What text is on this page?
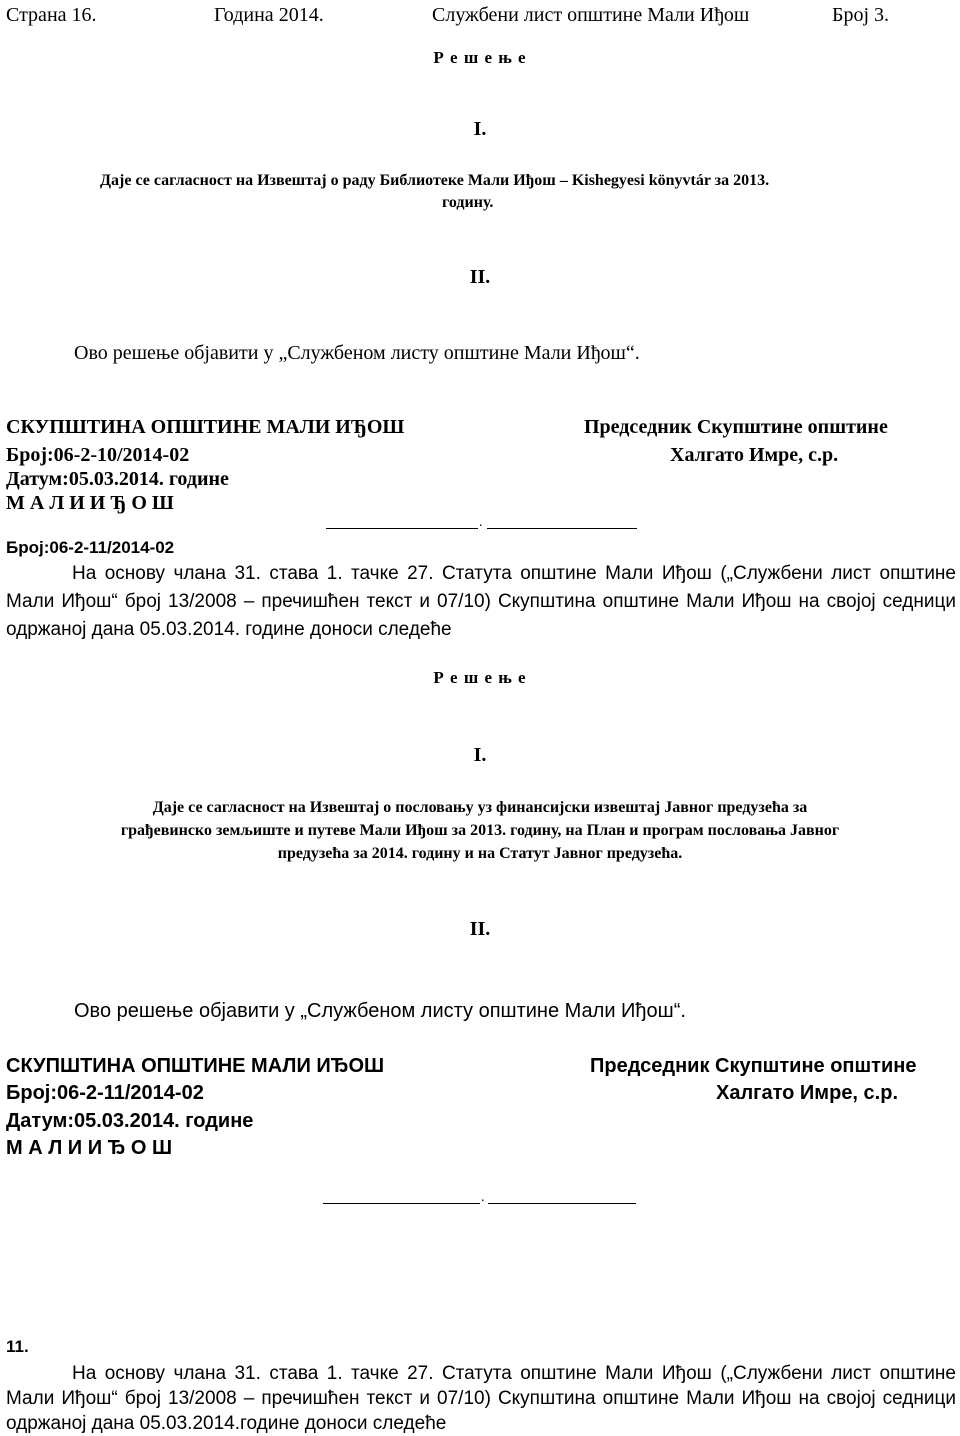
Страна 16.	Година 2014.	Службени лист општине Мали Иђош	Број 3.
Р е ш е њ е
I.
Даје се сагласност на Извештај о раду Библиотеке Мали Иђош – Kishegyesi könyvtár за 2013.
годину.
II.
Ово решење објавити у „Службеном листу општине Мали Иђош“.
СКУПШТИНА ОПШТИНЕ МАЛИ ИЂОШ
Број:06-2-10/2014-02
Датум:05.03.2014. године
М А Л И И Ђ О Ш
Председник Скупштине општине
Халгато Имре, с.р.
.
Број:06-2-11/2014-02
На основу члана 31. става 1. тачке 27. Статута општине Мали Иђош („Службени лист општине Мали Иђош“ број 13/2008 – пречишћен текст и 07/10) Скупштина општине Мали Иђош на својој седници одржаној дана 05.03.2014. године доноси следеће
Р е ш е њ е
I.
Даје се сагласност на Извештај о пословању уз финансијски извештај Јавног предузећа за
грађевинско земљиште и путеве Мали Иђош за 2013. годину, на План и програм пословања Јавног
предузећа за 2014. годину и на Статут Јавног предузећа.
II.
Ово решење објавити у „Службеном листу општине Мали Иђош“.
СКУПШТИНА ОПШТИНЕ МАЛИ ИЂОШ
Број:06-2-11/2014-02
Датум:05.03.2014. године
М А Л И И Ђ О Ш
Председник Скупштине општине
Халгато Имре, с.р.
.
11.
На основу члана 31. става 1. тачке 27. Статута општине Мали Иђош („Службени лист општине Мали Иђош“ број 13/2008 – пречишћен текст и 07/10) Скупштина општине Мали Иђош на својој седници одржаној дана 05.03.2014.године доноси следеће
